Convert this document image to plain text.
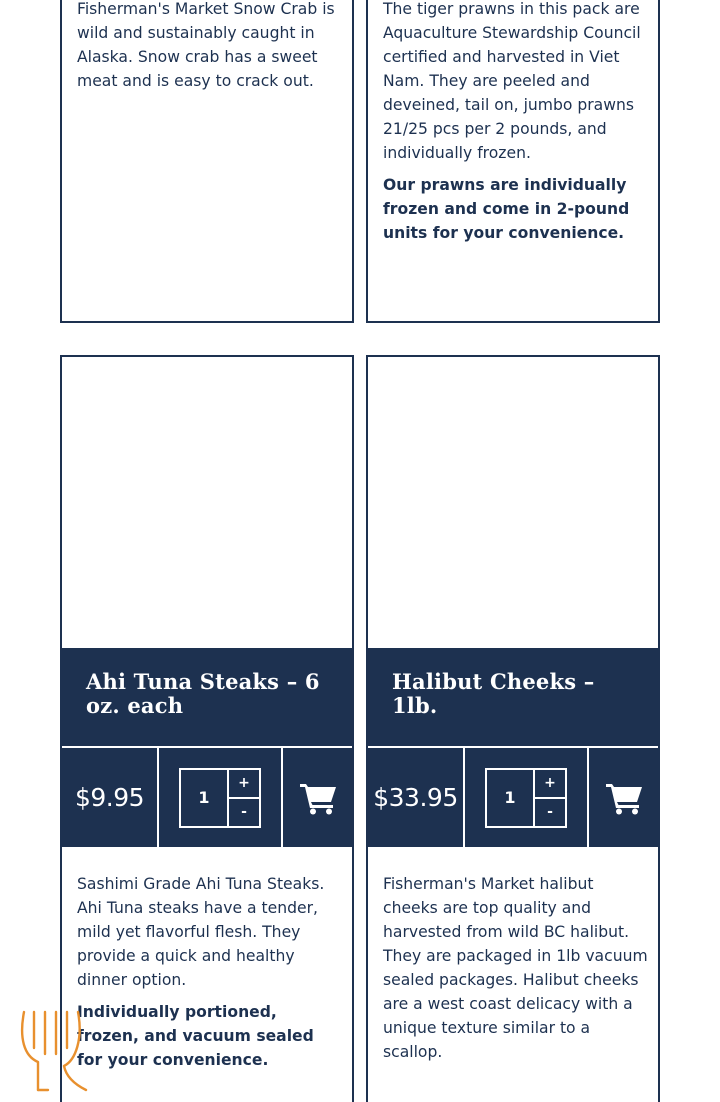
Fisherman's Market Snow Crab is wild and sustainably caught in Alaska. Snow crab has a sweet meat and is easy to crack out.

The tiger prawns in this pack are Aquaculture Stewardship Council certified and harvested in Viet Nam. They are peeled and deveined, tail on, jumbo prawns 21/25 pcs per 2 pounds, and individually frozen.

Our prawns are individually frozen and come in 2-pound units for your convenience.

Ahi Tuna Steaks – 6 oz. each
$9.95	1
+
-

Sashimi Grade Ahi Tuna Steaks. Ahi Tuna steaks have a tender, mild yet flavorful flesh. They provide a quick and healthy dinner option.

Individually portioned, frozen, and vacuum sealed for your convenience.

Halibut Cheeks – 1lb.
$33.95	1
+
-

Fisherman's Market halibut cheeks are top quality and harvested from wild BC halibut. They are packaged in 1lb vacuum sealed packages. Halibut cheeks are a west coast delicacy with a unique texture similar to a scallop.
